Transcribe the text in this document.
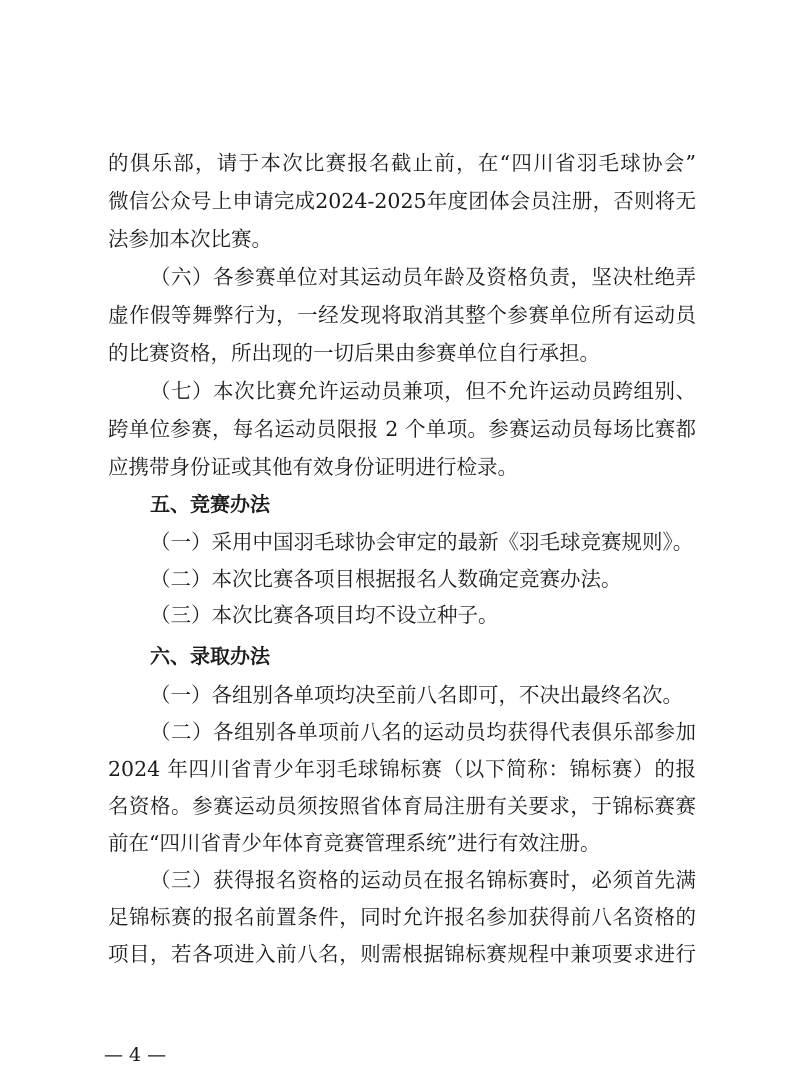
的俱乐部，请于本次比赛报名截止前，在“四川省羽毛球协会”
微信公众号上申请完成2024-2025年度团体会员注册，否则将无
法参加本次比赛。
（六）各参赛单位对其运动员年龄及资格负责，坚决杜绝弄
虚作假等舞弊行为，一经发现将取消其整个参赛单位所有运动员
的比赛资格，所出现的一切后果由参赛单位自行承担。
（七）本次比赛允许运动员兼项，但不允许运动员跨组别、
跨单位参赛，每名运动员限报 2 个单项。参赛运动员每场比赛都
应携带身份证或其他有效身份证明进行检录。
五、竞赛办法
（一）采用中国羽毛球协会审定的最新《羽毛球竞赛规则》。
（二）本次比赛各项目根据报名人数确定竞赛办法。
（三）本次比赛各项目均不设立种子。
六、录取办法
（一）各组别各单项均决至前八名即可，不决出最终名次。
（二）各组别各单项前八名的运动员均获得代表俱乐部参加
2024 年四川省青少年羽毛球锦标赛（以下简称：锦标赛）的报
名资格。参赛运动员须按照省体育局注册有关要求，于锦标赛赛
前在“四川省青少年体育竞赛管理系统”进行有效注册。
（三）获得报名资格的运动员在报名锦标赛时，必须首先满
足锦标赛的报名前置条件，同时允许报名参加获得前八名资格的
项目，若各项进入前八名，则需根据锦标赛规程中兼项要求进行
— 4 —
